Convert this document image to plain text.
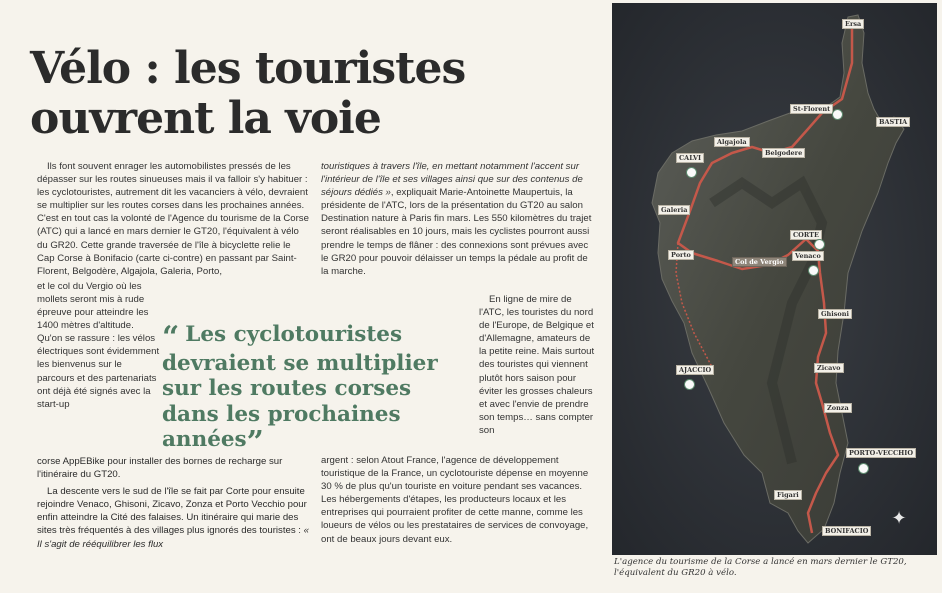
Vélo : les touristes
ouvrent la voie

Ils font souvent enrager les automobilistes pressés de les dépasser sur les routes sinueuses mais il va falloir s'y habituer : les cyclotouristes, autrement dit les vacanciers à vélo, devraient se multiplier sur les routes corses dans les prochaines années. C'est en tout cas la volonté de l'Agence du tourisme de la Corse (ATC) qui a lancé en mars dernier le GT20, l'équivalent à vélo du GR20. Cette grande traversée de l'île à bicyclette relie le Cap Corse à Bonifacio (carte ci-contre) en passant par Saint-Florent, Belgodère, Algajola, Galeria, Porto,

et le col du Vergio où les mollets seront mis à rude épreuve pour atteindre les 1400 mètres d'altitude. Qu'on se rassure : les vélos électriques sont évidemment les bienvenus sur le parcours et des partenariats ont déjà été signés avec la start-up

corse AppEBike pour installer des bornes de recharge sur l'itinéraire du GT20.

La descente vers le sud de l'île se fait par Corte pour ensuite rejoindre Venaco, Ghisoni, Zicavo, Zonza et Porto Vecchio pour enfin atteindre la Cité des falaises. Un itinéraire qui marie des sites très fréquentés à des villages plus ignorés des touristes : « Il s'agit de rééquilibrer les flux

touristiques à travers l'île, en mettant notamment l'accent sur l'intérieur de l'île et ses villages ainsi que sur des contenus de séjours dédiés », expliquait Marie-Antoinette Maupertuis, la présidente de l'ATC, lors de la présentation du GT20 au salon Destination nature à Paris fin mars. Les 550 kilomètres du trajet seront réalisables en 10 jours, mais les cyclistes pourront aussi prendre le temps de flâner : des connexions sont prévues avec le GR20 pour pouvoir délaisser un temps la pédale au profit de la marche.

En ligne de mire de l'ATC, les touristes du nord de l'Europe, de Belgique et d'Allemagne, amateurs de la petite reine. Mais surtout des touristes qui viennent plutôt hors saison pour éviter les grosses chaleurs et avec l'envie de prendre son temps… sans compter son

argent : selon Atout France, l'agence de développement touristique de la France, un cyclotouriste dépense en moyenne 30 % de plus qu'un touriste en voiture pendant ses vacances. Les hébergements d'étapes, les producteurs locaux et les entreprises qui pourraient profiter de cette manne, comme les loueurs de vélos ou les prestataires de services de convoyage, ont de beaux jours devant eux.

“ Les cyclotouristes devraient se multiplier sur les routes corses dans les prochaines années”
Ersa
St-Florent
BASTIA
CALVI
Algajola
Belgodere
Galeria
CORTE
Porto
Col de Vergio
Venaco
Ghisoni
AJACCIO	Zicavo
Zonza
PORTO-VECCHIO
Figari
BONIFACIO
✦
L'agence du tourisme de la Corse a lancé en mars dernier le GT20, l'équivalent du GR20 à vélo.
